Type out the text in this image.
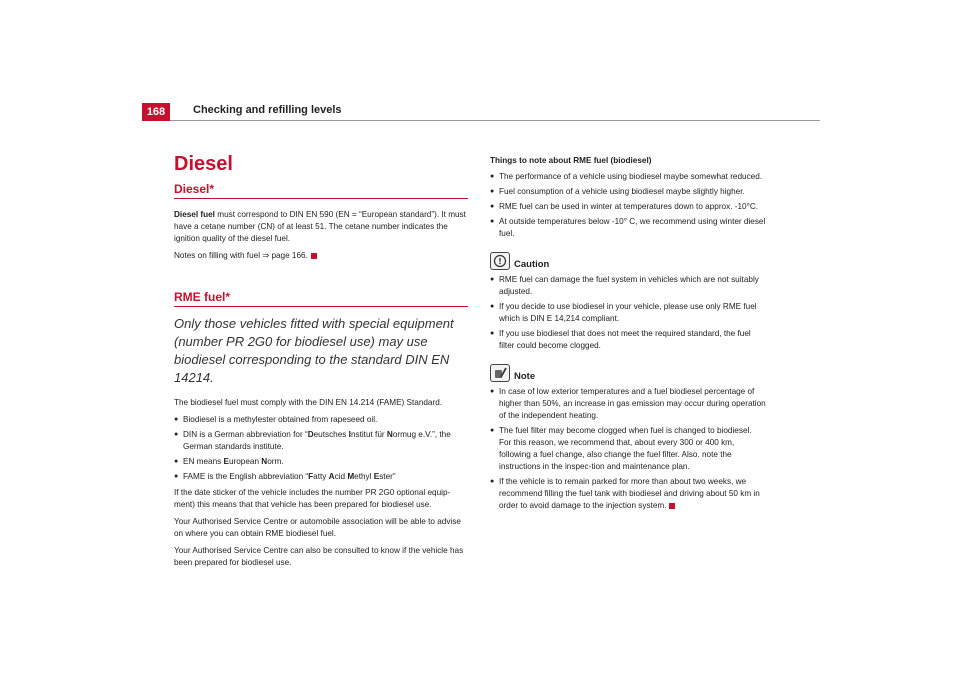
168	Checking and refilling levels
Diesel
Diesel*

Diesel fuel must correspond to DIN EN 590 (EN = “European standard”). It must have a cetane number (CN) of at least 51. The cetane number indicates the ignition quality of the diesel fuel.

Notes on filling with fuel ⇒ page 166.

RME fuel*
Only those vehicles fitted with special equipment (number PR 2G0 for biodiesel use) may use biodiesel corresponding to the standard DIN EN 14214.

The biodiesel fuel must comply with the DIN EN 14.214 (FAME) Standard.

● Biodiesel is a methylester obtained from rapeseed oil.
● DIN is a German abbreviation for “Deutsches Institut für Normug e.V.”, the German standards institute.
● EN means European Norm.
● FAME is the English abbreviation “Fatty Acid Methyl Ester”

If the date sticker of the vehicle includes the number PR 2G0 optional equip-ment) this means that that vehicle has been prepared for biodiesel use.

Your Authorised Service Centre or automobile association will be able to advise on where you can obtain RME biodiesel fuel.

Your Authorised Service Centre can also be consulted to know if the vehicle has been prepared for biodiesel use.

Things to note about RME fuel (biodiesel)
● The performance of a vehicle using biodiesel maybe somewhat reduced.
● Fuel consumption of a vehicle using biodiesel maybe slightly higher.
● RME fuel can be used in winter at temperatures down to approx. -10°C.
● At outside temperatures below -10° C, we recommend using winter diesel fuel.
! Caution
● RME fuel can damage the fuel system in vehicles which are not suitably adjusted.
● If you decide to use biodiesel in your vehicle, please use only RME fuel which is DIN E 14,214 compliant.
● If you use biodiesel that does not meet the required standard, the fuel filter could become clogged.
Note
● In case of low exterior temperatures and a fuel biodiesel percentage of higher than 50%, an increase in gas emission may occur during operation of the independent heating.
● The fuel filter may become clogged when fuel is changed to biodiesel. For this reason, we recommend that, about every 300 or 400 km, following a fuel change, also change the fuel filter. Also. note the instructions in the inspec-tion and maintenance plan.
● If the vehicle is to remain parked for more than about two weeks, we recommend filling the fuel tank with biodiesel and driving about 50 km in order to avoid damage to the injection system.
